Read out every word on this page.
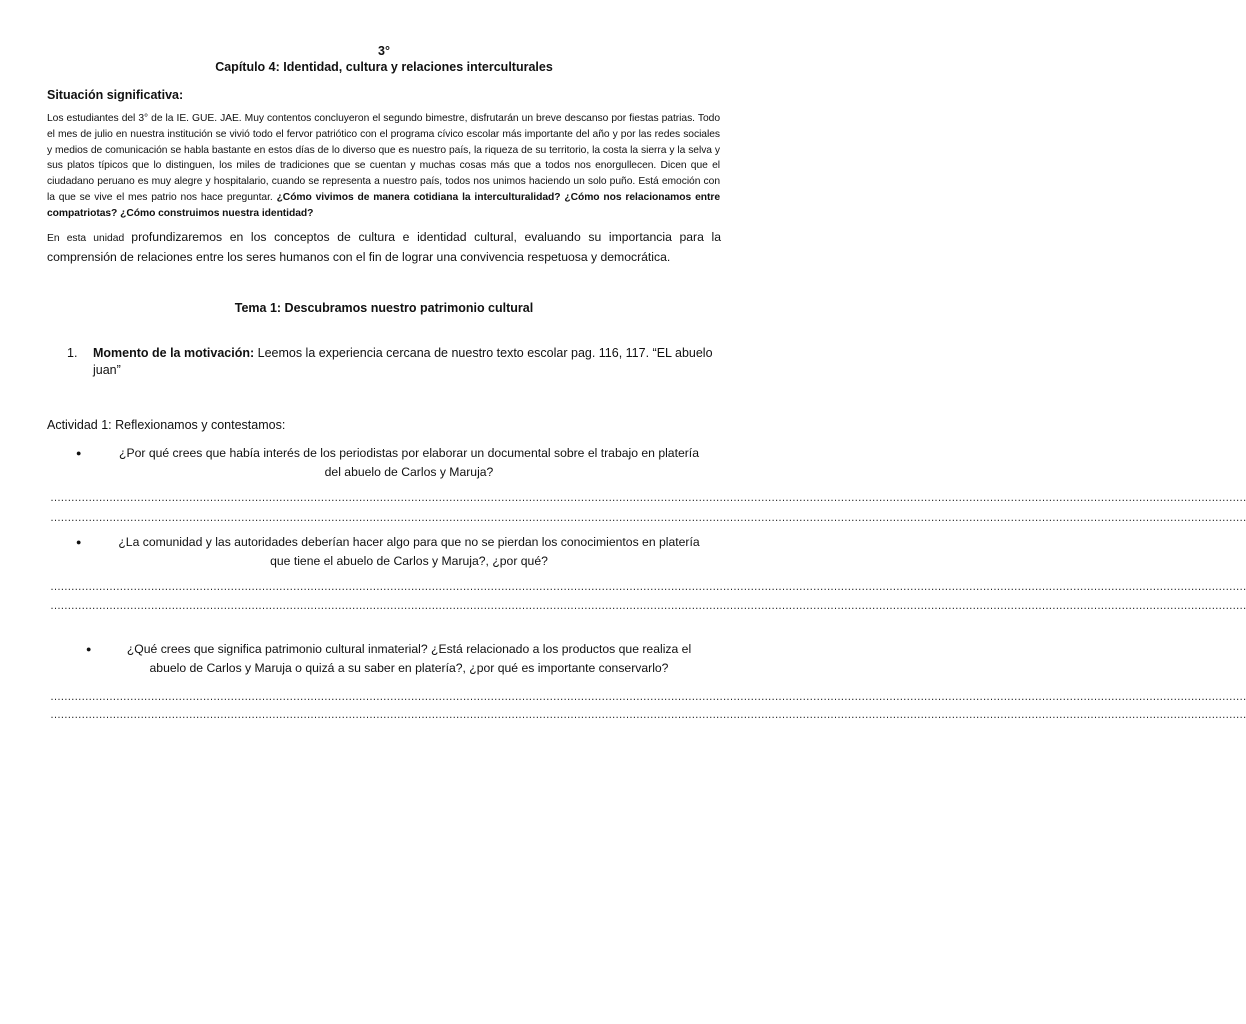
3°
Capítulo 4: Identidad, cultura y relaciones interculturales
Situación significativa:
Los estudiantes del 3° de la IE. GUE. JAE. Muy contentos concluyeron el segundo bimestre, disfrutarán un breve descanso por fiestas patrias. Todo el mes de julio en nuestra institución se vivió todo el fervor patriótico con el programa cívico escolar más importante del año y por las redes sociales y medios de comunicación se habla bastante en estos días de lo diverso que es nuestro país, la riqueza de su territorio, la costa la sierra y la selva y sus platos típicos que lo distinguen, los miles de tradiciones que se cuentan y muchas cosas más que a todos nos enorgullecen. Dicen que el ciudadano peruano es muy alegre y hospitalario, cuando se representa a nuestro país, todos nos unimos haciendo un solo puño. Está emoción con la que se vive el mes patrio nos hace preguntar. ¿Cómo vivimos de manera cotidiana la interculturalidad? ¿Cómo nos relacionamos entre compatriotas? ¿Cómo construimos nuestra identidad?
En esta unidad profundizaremos en los conceptos de cultura e identidad cultural, evaluando su importancia para la comprensión de relaciones entre los seres humanos con el fin de lograr una convivencia respetuosa y democrática.
Tema 1: Descubramos nuestro patrimonio cultural
1. Momento de la motivación: Leemos la experiencia cercana de nuestro texto escolar pag. 116, 117. “EL abuelo juan”
Actividad 1: Reflexionamos y contestamos:
●	¿Por qué crees que había interés de los periodistas por elaborar un documental sobre el trabajo en platería
del abuelo de Carlos y Maruja?
…………………………………………………………………………………………………………………………………………………………………………………………………………………………………………………………………………………………………………………
…………………………………………………………………………………………………………………………………………………………………………………………………………………………………………………………………………………………………………………
●	¿La comunidad y las autoridades deberían hacer algo para que no se pierdan los conocimientos en platería
que tiene el abuelo de Carlos y Maruja?, ¿por qué?
…………………………………………………………………………………………………………………………………………………………………………………………………………………………………………………………………………………………………………………
…………………………………………………………………………………………………………………………………………………………………………………………………………………………………………………………………………………………………………………
●	¿Qué crees que significa patrimonio cultural inmaterial? ¿Está relacionado a los productos que realiza el
abuelo de Carlos y Maruja o quizá a su saber en platería?, ¿por qué es importante conservarlo?
…………………………………………………………………………………………………………………………………………………………………………………………………………………………………………………………………………………………………………………
…………………………………………………………………………………………………………………………………………………………………………………………………………………………………………………………………………………………………………………
